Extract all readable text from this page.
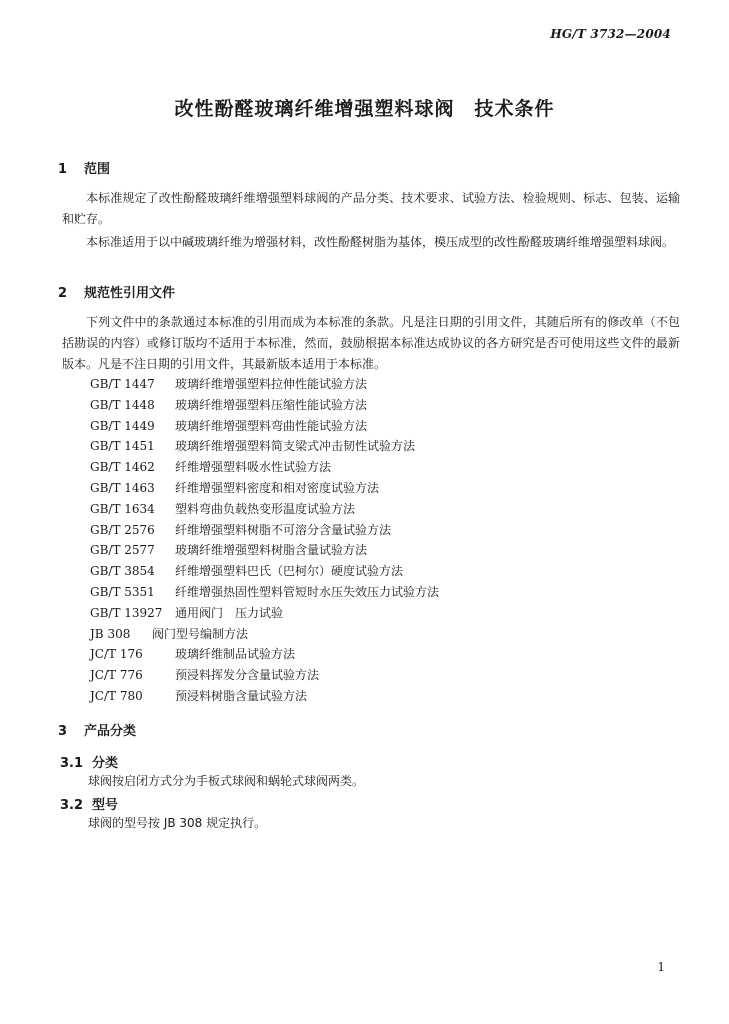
HG/T 3732—2004
改性酚醛玻璃纤维增强塑料球阀　技术条件
1 范围

本标准规定了改性酚醛玻璃纤维增强塑料球阀的产品分类、技术要求、试验方法、检验规则、标志、包装、运输和贮存。

本标准适用于以中碱玻璃纤维为增强材料，改性酚醛树脂为基体，模压成型的改性酚醛玻璃纤维增强塑料球阀。

2 规范性引用文件

下列文件中的条款通过本标准的引用而成为本标准的条款。凡是注日期的引用文件，其随后所有的修改单（不包括勘误的内容）或修订版均不适用于本标准，然而，鼓励根据本标准达成协议的各方研究是否可使用这些文件的最新版本。凡是不注日期的引用文件，其最新版本适用于本标准。

GB/T 1447 玻璃纤维增强塑料拉伸性能试验方法
GB/T 1448 玻璃纤维增强塑料压缩性能试验方法
GB/T 1449 玻璃纤维增强塑料弯曲性能试验方法
GB/T 1451 玻璃纤维增强塑料简支梁式冲击韧性试验方法
GB/T 1462 纤维增强塑料吸水性试验方法
GB/T 1463 纤维增强塑料密度和相对密度试验方法
GB/T 1634 塑料弯曲负载热变形温度试验方法
GB/T 2576 纤维增强塑料树脂不可溶分含量试验方法
GB/T 2577 玻璃纤维增强塑料树脂含量试验方法
GB/T 3854 纤维增强塑料巴氏（巴柯尔）硬度试验方法
GB/T 5351 纤维增强热固性塑料管短时水压失效压力试验方法
GB/T 13927 通用阀门　压力试验
JB 308 阀门型号编制方法
JC/T 176	玻璃纤维制品试验方法
JC/T 776	预浸料挥发分含量试验方法
JC/T 780	预浸料树脂含量试验方法
3 产品分类
3.1 分类

球阀按启闭方式分为手板式球阀和蜗轮式球阀两类。

3.2 型号

球阀的型号按 JB 308 规定执行。

1
